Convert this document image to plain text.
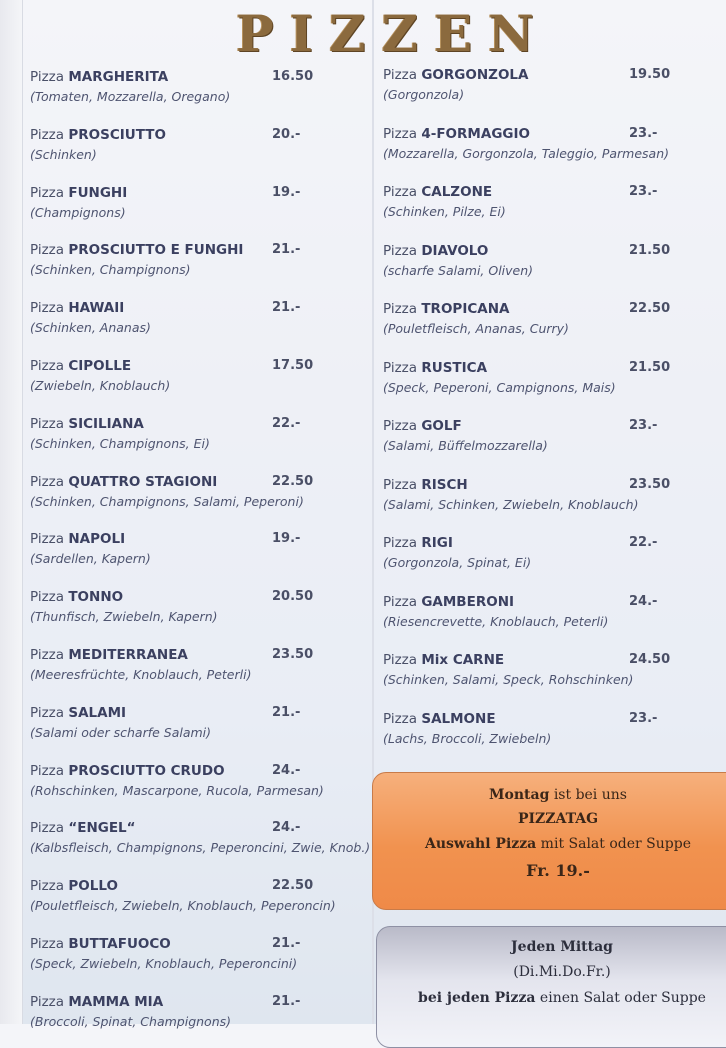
PIZZEN
Pizza MARGHERITA	16.50
(Tomaten, Mozzarella, Oregano)
Pizza PROSCIUTTO	20.-
(Schinken)
Pizza FUNGHI	19.-
(Champignons)
Pizza PROSCIUTTO E FUNGHI 21.-
(Schinken, Champignons)
Pizza HAWAII	21.-
(Schinken, Ananas)
Pizza CIPOLLE	17.50
(Zwiebeln, Knoblauch)
Pizza SICILIANA	22.-
(Schinken, Champignons, Ei)
Pizza QUATTRO STAGIONI	22.50
(Schinken, Champignons, Salami, Peperoni)
Pizza NAPOLI	19.-
(Sardellen, Kapern)
Pizza TONNO	20.50
(Thunfisch, Zwiebeln, Kapern)
Pizza MEDITERRANEA	23.50
(Meeresfrüchte, Knoblauch, Peterli)
Pizza SALAMI	21.-
(Salami oder scharfe Salami)
Pizza PROSCIUTTO CRUDO	24.-
(Rohschinken, Mascarpone, Rucola, Parmesan)
Pizza “ENGEL“	24.-
(Kalbsfleisch, Champignons, Peperoncini, Zwie, Knob.)
Pizza POLLO	22.50
(Pouletfleisch, Zwiebeln, Knoblauch, Peperoncin)
Pizza BUTTAFUOCO	21.-
(Speck, Zwiebeln, Knoblauch, Peperoncini)
Pizza MAMMA MIA	21.-
(Broccoli, Spinat, Champignons)
Pizza GORGONZOLA	19.50
(Gorgonzola)
Pizza 4-FORMAGGIO	23.-
(Mozzarella, Gorgonzola, Taleggio, Parmesan)
Pizza CALZONE	23.-
(Schinken, Pilze, Ei)
Pizza DIAVOLO	21.50
(scharfe Salami, Oliven)
Pizza TROPICANA	22.50
(Pouletfleisch, Ananas, Curry)
Pizza RUSTICA	21.50
(Speck, Peperoni, Campignons, Mais)
Pizza GOLF	23.-
(Salami, Büffelmozzarella)
Pizza RISCH	23.50
(Salami, Schinken, Zwiebeln, Knoblauch)
Pizza RIGI	22.-
(Gorgonzola, Spinat, Ei)
Pizza GAMBERONI	24.-
(Riesencrevette, Knoblauch, Peterli)
Pizza Mix CARNE	24.50
(Schinken, Salami, Speck, Rohschinken)
Pizza SALMONE	23.-
(Lachs, Broccoli, Zwiebeln)
Montag ist bei uns
PIZZATAG
Auswahl Pizza mit Salat oder Suppe
Fr. 19.-
Jeden Mittag
(Di.Mi.Do.Fr.)
bei jeden Pizza einen Salat oder Suppe
